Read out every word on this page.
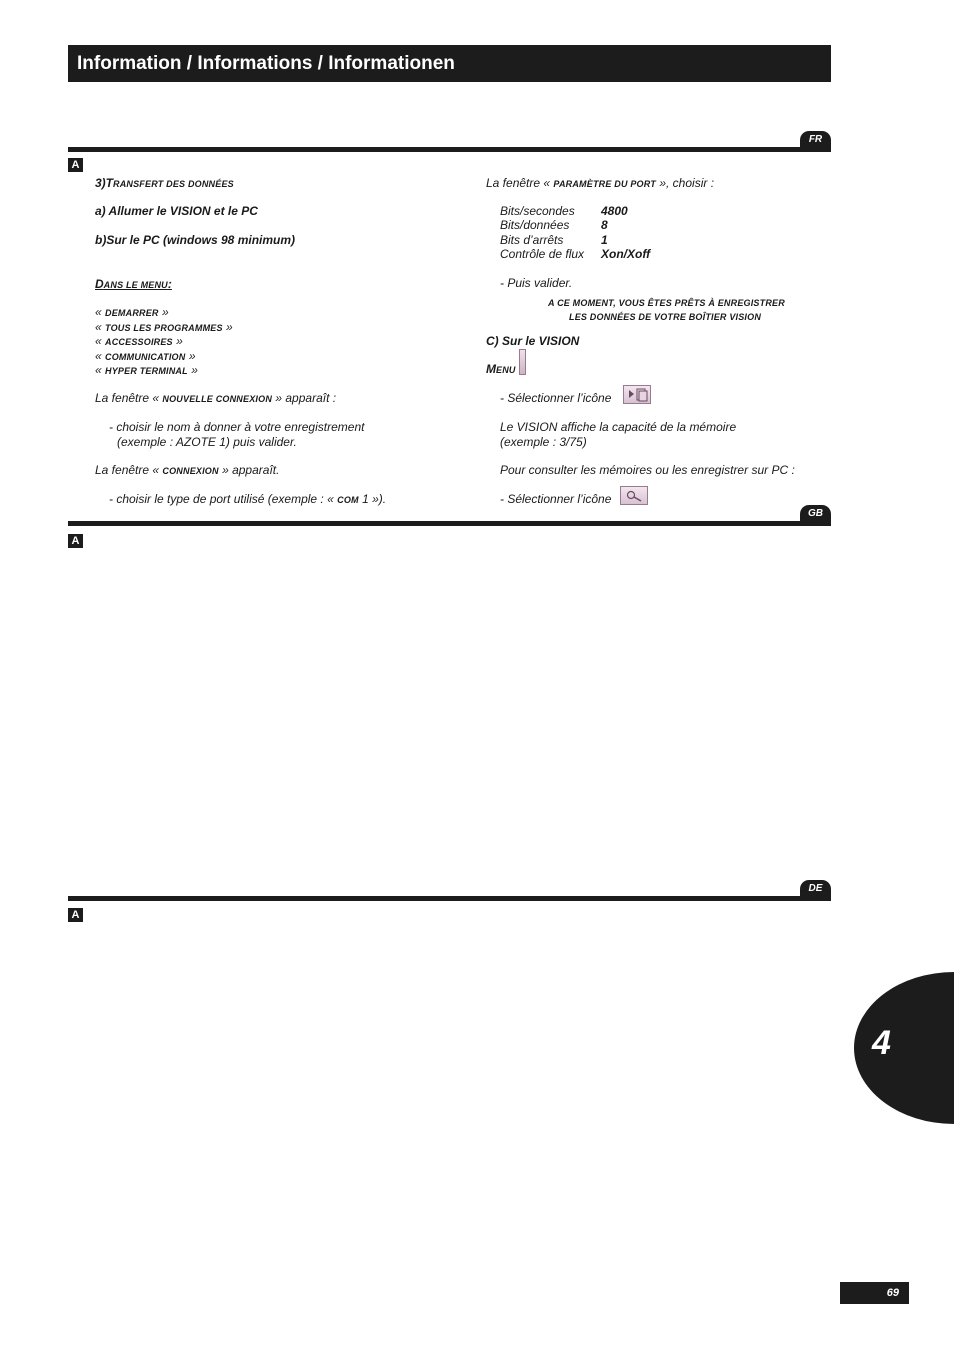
Information / Informations / Informationen
FR
A
3)TRANSFERT DES DONNÉES
a) Allumer le VISION et le PC
b)Sur le PC (windows 98 minimum)
DANS LE MENU:
« DEMARRER »
« TOUS LES PROGRAMMES »
« ACCESSOIRES »
« COMMUNICATION »
« HYPER TERMINAL »
La fenêtre « NOUVELLE CONNEXION » apparaît :
- choisir le nom à donner à votre enregistrement
(exemple : AZOTE 1) puis valider.
La fenêtre « CONNEXION » apparaît.
- choisir le type de port utilisé (exemple : « COM 1 »).
La fenêtre « PARAMÈTRE DU PORT », choisir :
Bits/secondes 4800
Bits/données	8
Bits d’arrêts	1
Contrôle de flux Xon/Xoff
- Puis valider.
A CE MOMENT, VOUS ÊTES PRÊTS À ENREGISTRER
LES DONNÉES DE VOTRE BOÎTIER VISION
C) Sur le VISION
MENU
- Sélectionner l’icône
Le VISION affiche la capacité de la mémoire
(exemple : 3/75)
Pour consulter les mémoires ou les enregistrer sur PC :
- Sélectionner l’icône
GB
A
DE
A
4
69
